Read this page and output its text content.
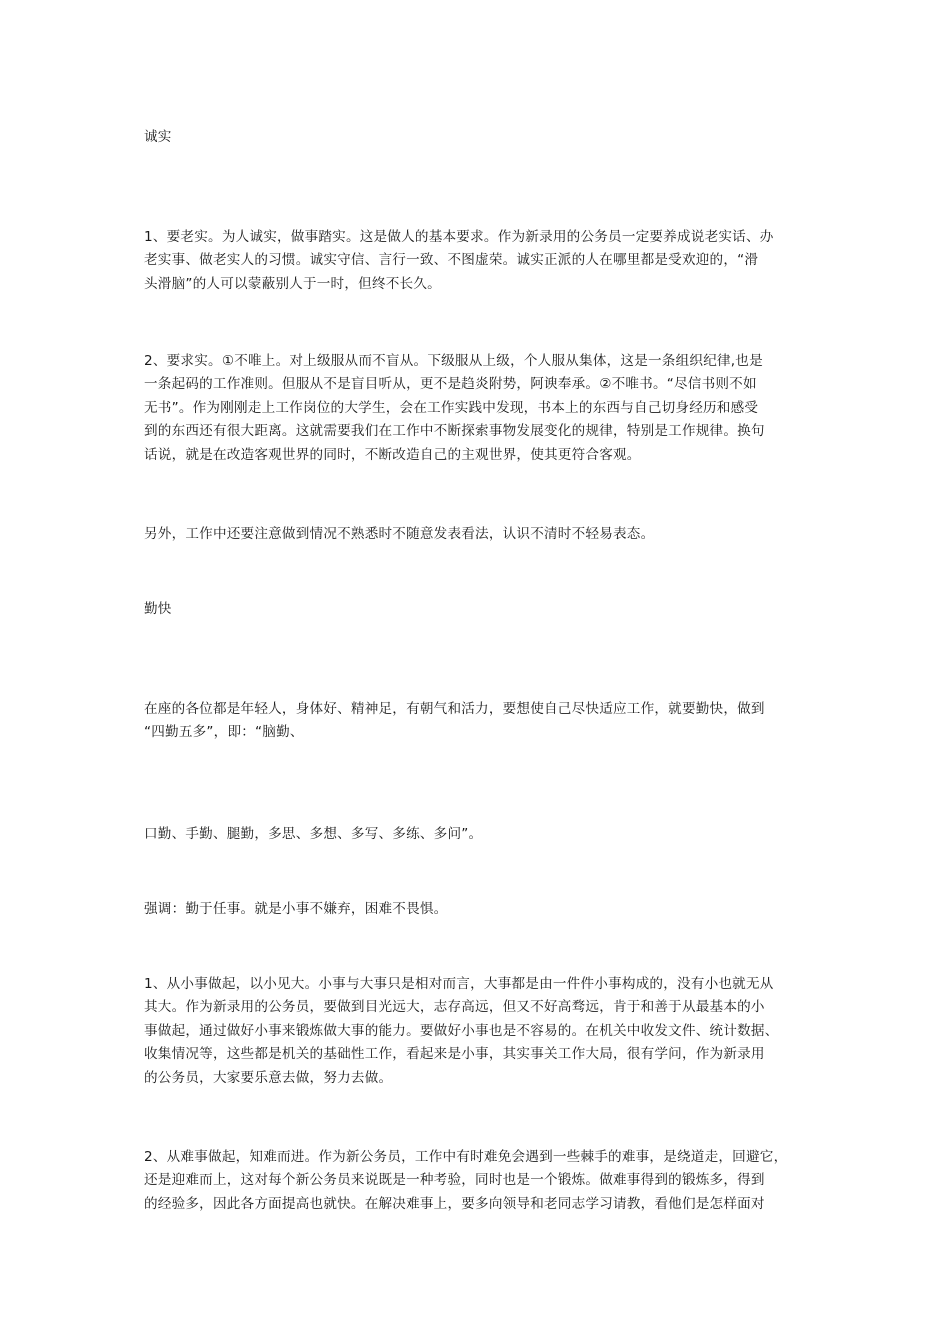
诚实
1、要老实。为人诚实，做事踏实。这是做人的基本要求。作为新录用的公务员一定要养成说老实话、办
老实事、做老实人的习惯。诚实守信、言行一致、不图虚荣。诚实正派的人在哪里都是受欢迎的，“滑
头滑脑”的人可以蒙蔽别人于一时，但终不长久。
2、要求实。①不唯上。对上级服从而不盲从。下级服从上级，个人服从集体，这是一条组织纪律,也是
一条起码的工作准则。但服从不是盲目听从，更不是趋炎附势，阿谀奉承。②不唯书。“尽信书则不如
无书”。作为刚刚走上工作岗位的大学生，会在工作实践中发现，书本上的东西与自己切身经历和感受
到的东西还有很大距离。这就需要我们在工作中不断探索事物发展变化的规律，特别是工作规律。换句
话说，就是在改造客观世界的同时，不断改造自己的主观世界，使其更符合客观。
另外，工作中还要注意做到情况不熟悉时不随意发表看法，认识不清时不轻易表态。
勤快
在座的各位都是年轻人，身体好、精神足，有朝气和活力，要想使自己尽快适应工作，就要勤快，做到
“四勤五多”，即：“脑勤、
口勤、手勤、腿勤，多思、多想、多写、多练、多问”。
强调：勤于任事。就是小事不嫌弃，困难不畏惧。
1、从小事做起，以小见大。小事与大事只是相对而言，大事都是由一件件小事构成的，没有小也就无从
其大。作为新录用的公务员，要做到目光远大，志存高远，但又不好高骛远，肯于和善于从最基本的小
事做起，通过做好小事来锻炼做大事的能力。要做好小事也是不容易的。在机关中收发文件、统计数据、
收集情况等，这些都是机关的基础性工作，看起来是小事，其实事关工作大局，很有学问，作为新录用
的公务员，大家要乐意去做，努力去做。
2、从难事做起，知难而进。作为新公务员，工作中有时难免会遇到一些棘手的难事，是绕道走，回避它，
还是迎难而上，这对每个新公务员来说既是一种考验，同时也是一个锻炼。做难事得到的锻炼多，得到
的经验多，因此各方面提高也就快。在解决难事上，要多向领导和老同志学习请教，看他们是怎样面对
